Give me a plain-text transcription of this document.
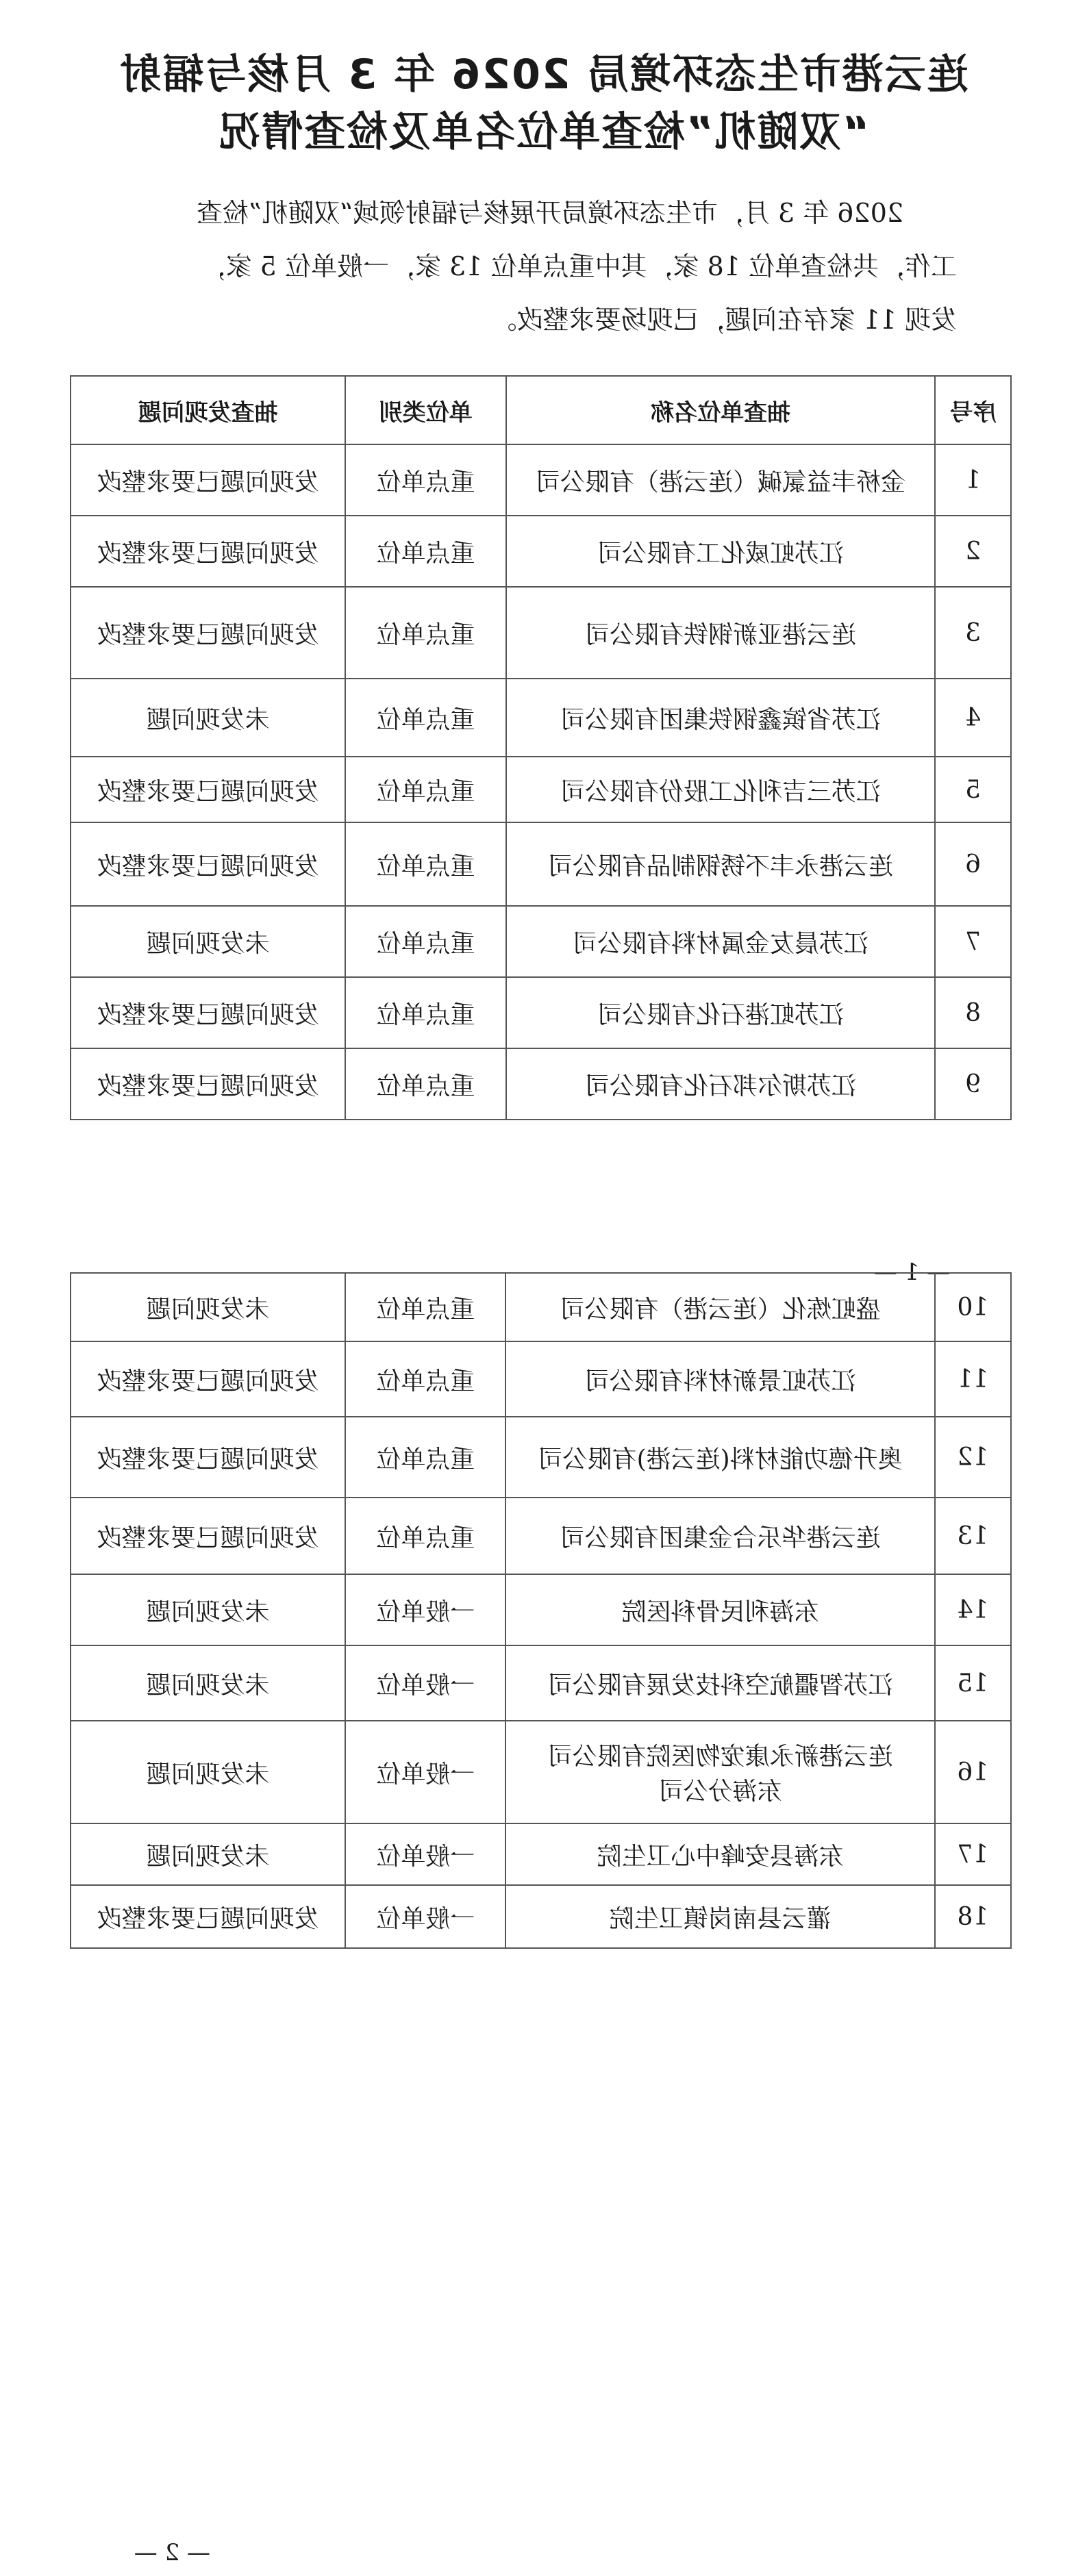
连云港市生态环境局 2026 年 3 月核与辐射
“双随机”检查单位名单及检查情况

2026 年 3 月，市生态环境局开展核与辐射领域“双随机”检查

工作，共检查单位 18 家，其中重点单位 13 家，一般单位 5 家，

发现 11 家存在问题，已现场要求整改。

序号	抽查单位名称	单位类别	抽查发现问题
1	金桥丰益氯碱（连云港）有限公司	重点单位	发现问题已要求整改
2	江苏虹威化工有限公司	重点单位	发现问题已要求整改
3	连云港亚新钢铁有限公司	重点单位	发现问题已要求整改
4	江苏省镔鑫钢铁集团有限公司	重点单位	未发现问题
5	江苏三吉利化工股份有限公司	重点单位	发现问题已要求整改
6	连云港永丰不锈钢制品有限公司	重点单位	发现问题已要求整改
7	江苏晨友金属材料有限公司	重点单位	未发现问题
8	江苏虹港石化有限公司	重点单位	发现问题已要求整改
9	江苏斯尔邦石化有限公司	重点单位	发现问题已要求整改
— 1 —
10	盛虹炼化（连云港）有限公司	重点单位	未发现问题
11	江苏虹景新材料有限公司	重点单位	发现问题已要求整改
12	奥升德功能材料(连云港)有限公司	重点单位	发现问题已要求整改
13	连云港华乐合金集团有限公司	重点单位	发现问题已要求整改
14	东海利民骨科医院	一般单位	未发现问题
15	江苏智疆航空科技发展有限公司	一般单位	未发现问题
16	连云港新永康宠物医院有限公司
东海分公司	一般单位	未发现问题
17	东海县安峰中心卫生院	一般单位	未发现问题
18	灌云县南岗镇卫生院	一般单位	发现问题已要求整改
— 2 —
